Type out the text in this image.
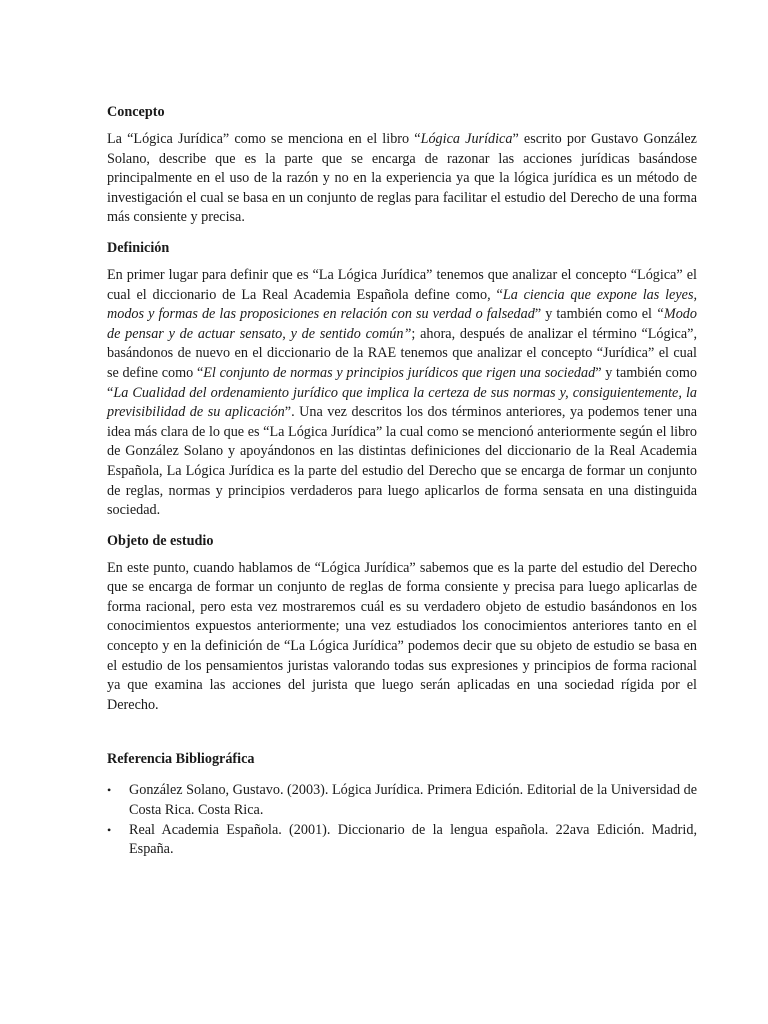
Concepto

La “Lógica Jurídica” como se menciona en el libro “Lógica Jurídica” escrito por Gustavo González Solano, describe que es la parte que se encarga de razonar las acciones jurídicas basándose principalmente en el uso de la razón y no en la experiencia ya que la lógica jurídica es un método de investigación el cual se basa en un conjunto de reglas para facilitar el estudio del Derecho de una forma más consiente y precisa.

Definición

En primer lugar para definir que es “La Lógica Jurídica” tenemos que analizar el concepto “Lógica” el cual el diccionario de La Real Academia Española define como, “La ciencia que expone las leyes, modos y formas de las proposiciones en relación con su verdad o falsedad” y también como el “Modo de pensar y de actuar sensato, y de sentido común”; ahora, después de analizar el término “Lógica”, basándonos de nuevo en el diccionario de la RAE tenemos que analizar el concepto “Jurídica” el cual se define como “El conjunto de normas y principios jurídicos que rigen una sociedad” y también como “La Cualidad del ordenamiento jurídico que implica la certeza de sus normas y, consiguientemente, la previsibilidad de su aplicación”. Una vez descritos los dos términos anteriores, ya podemos tener una idea más clara de lo que es “La Lógica Jurídica” la cual como se mencionó anteriormente según el libro de González Solano y apoyándonos en las distintas definiciones del diccionario de la Real Academia Española, La Lógica Jurídica es la parte del estudio del Derecho que se encarga de formar un conjunto de reglas, normas y principios verdaderos para luego aplicarlos de forma sensata en una distinguida sociedad.

Objeto de estudio

En este punto, cuando hablamos de “Lógica Jurídica” sabemos que es la parte del estudio del Derecho que se encarga de formar un conjunto de reglas de forma consiente y precisa para luego aplicarlas de forma racional, pero esta vez mostraremos cuál es su verdadero objeto de estudio basándonos en los conocimientos expuestos anteriormente; una vez estudiados los conocimientos anteriores tanto en el concepto y en la definición de “La Lógica Jurídica” podemos decir que su objeto de estudio se basa en el estudio de los pensamientos juristas valorando todas sus expresiones y principios de forma racional ya que examina las acciones del jurista que luego serán aplicadas en una sociedad rígida por el Derecho.

Referencia Bibliográfica
• González Solano, Gustavo. (2003). Lógica Jurídica. Primera Edición. Editorial de la Universidad de Costa Rica. Costa Rica.
• Real Academia Española. (2001). Diccionario de la lengua española. 22ava Edición. Madrid, España.
